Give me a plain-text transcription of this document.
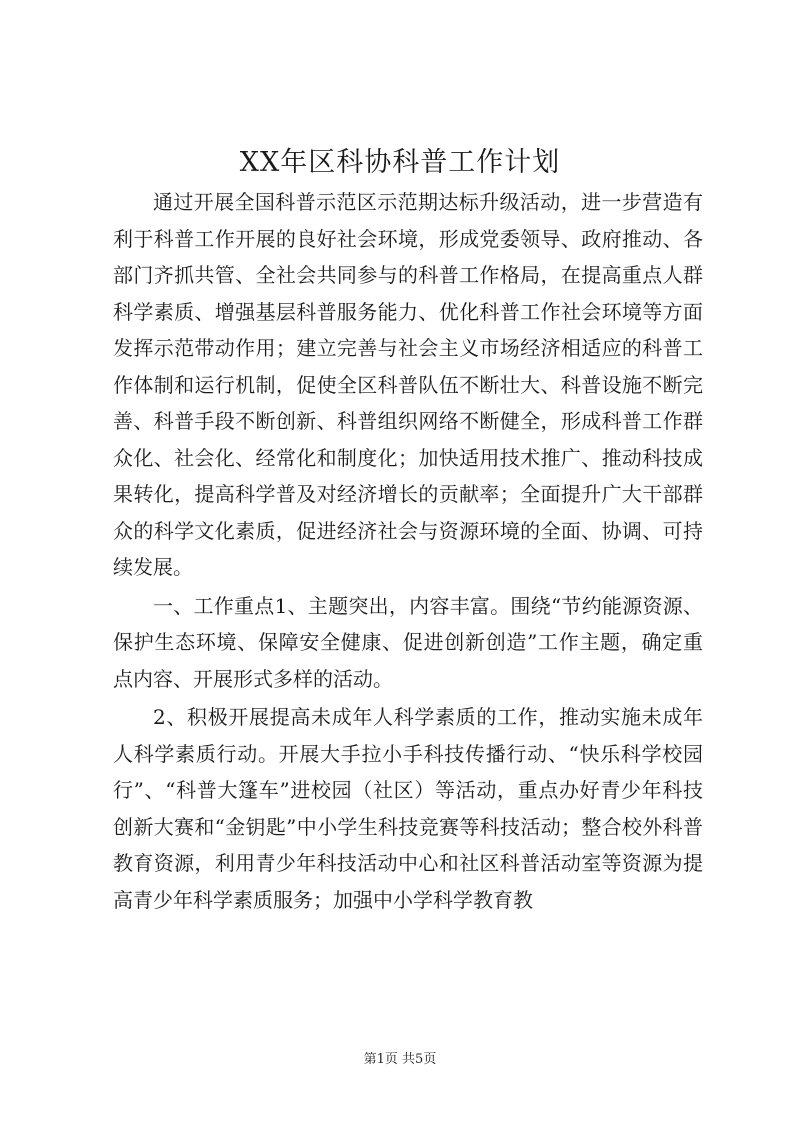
XX年区科协科普工作计划

通过开展全国科普示范区示范期达标升级活动，进一步营造有利于科普工作开展的良好社会环境，形成党委领导、政府推动、各部门齐抓共管、全社会共同参与的科普工作格局，在提高重点人群科学素质、增强基层科普服务能力、优化科普工作社会环境等方面发挥示范带动作用；建立完善与社会主义市场经济相适应的科普工作体制和运行机制，促使全区科普队伍不断壮大、科普设施不断完善、科普手段不断创新、科普组织网络不断健全，形成科普工作群众化、社会化、经常化和制度化；加快适用技术推广、推动科技成果转化，提高科学普及对经济增长的贡献率；全面提升广大干部群众的科学文化素质，促进经济社会与资源环境的全面、协调、可持续发展。

一、工作重点1、主题突出，内容丰富。围绕“节约能源资源、保护生态环境、保障安全健康、促进创新创造”工作主题，确定重点内容、开展形式多样的活动。

2、积极开展提高未成年人科学素质的工作，推动实施未成年人科学素质行动。开展大手拉小手科技传播行动、“快乐科学校园行”、“科普大篷车”进校园（社区）等活动，重点办好青少年科技创新大赛和“金钥匙”中小学生科技竞赛等科技活动；整合校外科普教育资源，利用青少年科技活动中心和社区科普活动室等资源为提高青少年科学素质服务；加强中小学科学教育教

第1页 共5页
